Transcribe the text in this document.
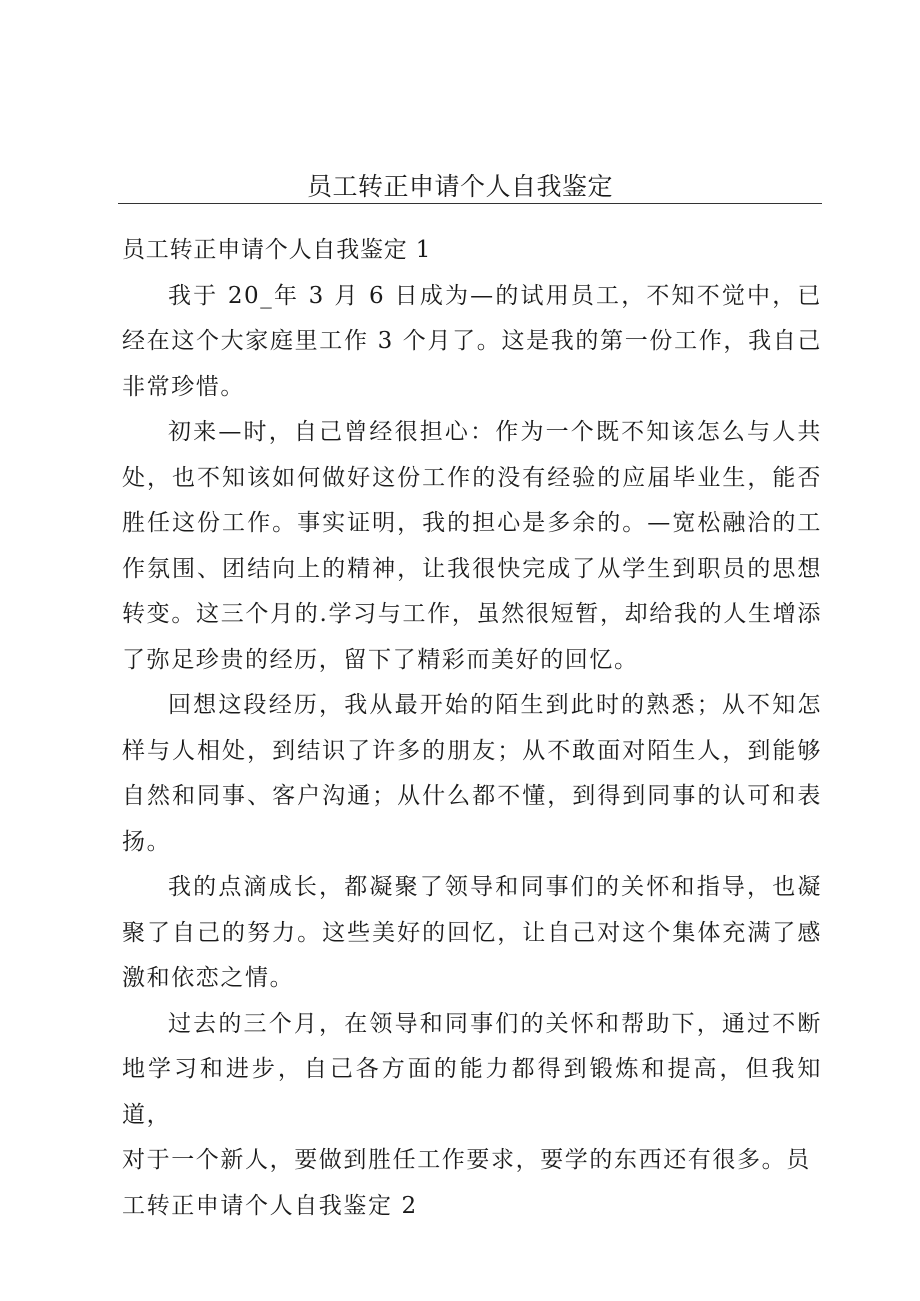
员工转正申请个人自我鉴定

员工转正申请个人自我鉴定 1

我于 20_年 3 月 6 日成为—的试用员工，不知不觉中，已经在这个大家庭里工作 3 个月了。这是我的第一份工作，我自己非常珍惜。

初来—时，自己曾经很担心：作为一个既不知该怎么与人共处，也不知该如何做好这份工作的没有经验的应届毕业生，能否胜任这份工作。事实证明，我的担心是多余的。—宽松融洽的工作氛围、团结向上的精神，让我很快完成了从学生到职员的思想转变。这三个月的.学习与工作，虽然很短暂，却给我的人生增添了弥足珍贵的经历，留下了精彩而美好的回忆。

回想这段经历，我从最开始的陌生到此时的熟悉；从不知怎样与人相处，到结识了许多的朋友；从不敢面对陌生人，到能够自然和同事、客户沟通；从什么都不懂，到得到同事的认可和表扬。

我的点滴成长，都凝聚了领导和同事们的关怀和指导，也凝聚了自己的努力。这些美好的回忆，让自己对这个集体充满了感激和依恋之情。

过去的三个月，在领导和同事们的关怀和帮助下，通过不断地学习和进步，自己各方面的能力都得到锻炼和提高，但我知道，

对于一个新人，要做到胜任工作要求，要学的东西还有很多。员工转正申请个人自我鉴定 2
